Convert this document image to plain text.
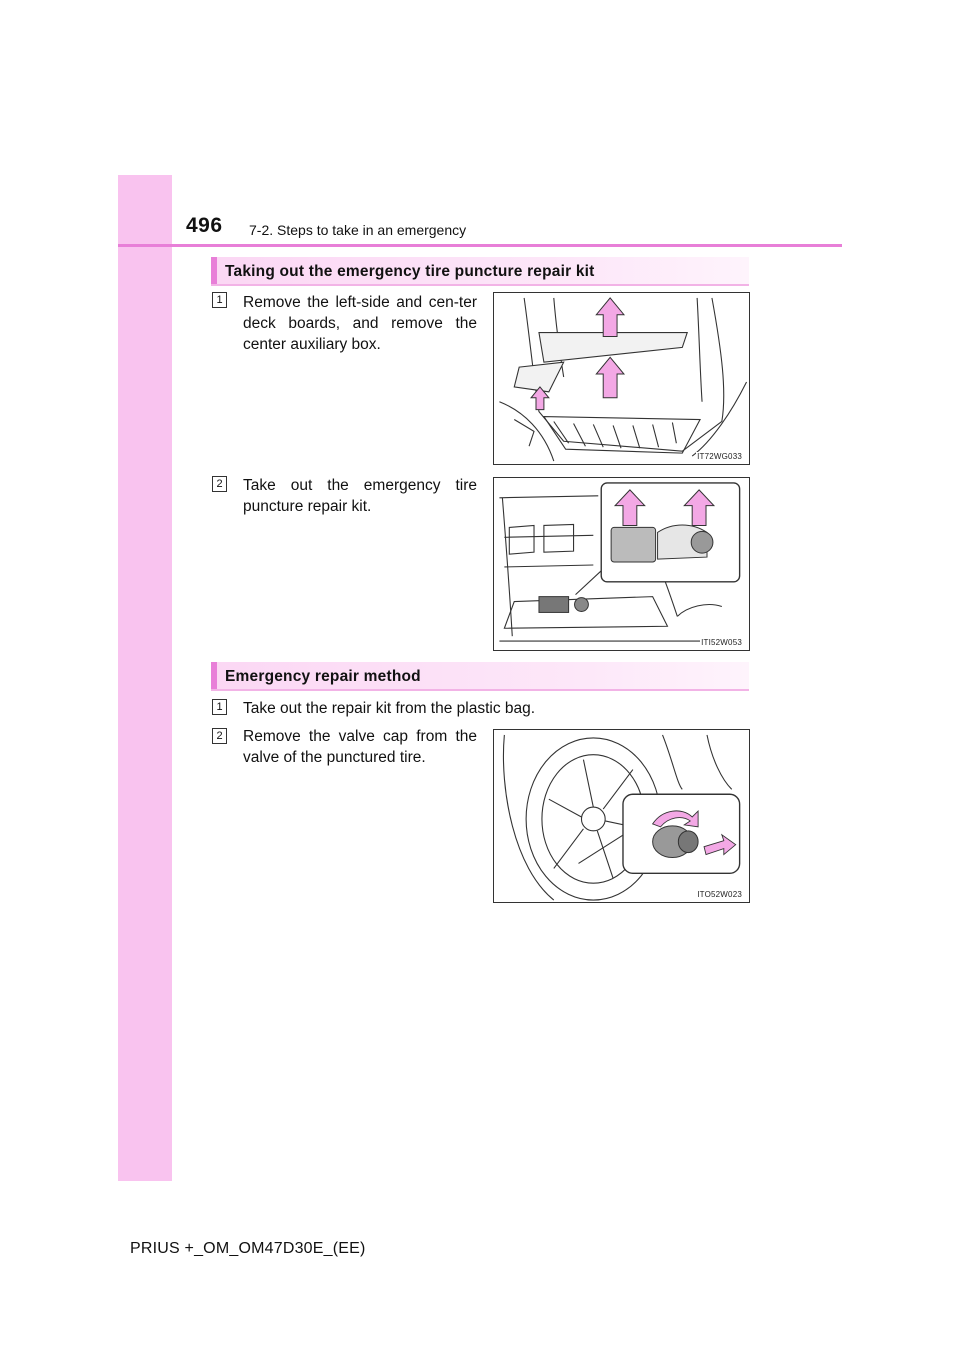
496 7-2. Steps to take in an emergency
Taking out the emergency tire puncture repair kit
1 Remove the left-side and cen-ter deck boards, and remove the center auxiliary box.

IT72WG033
2 Take out the emergency tire puncture repair kit.

ITI52W053
Emergency repair method
1 Take out the repair kit from the plastic bag.

2 Remove the valve cap from the valve of the punctured tire.

ITO52W023
PRIUS +_OM_OM47D30E_(EE)
